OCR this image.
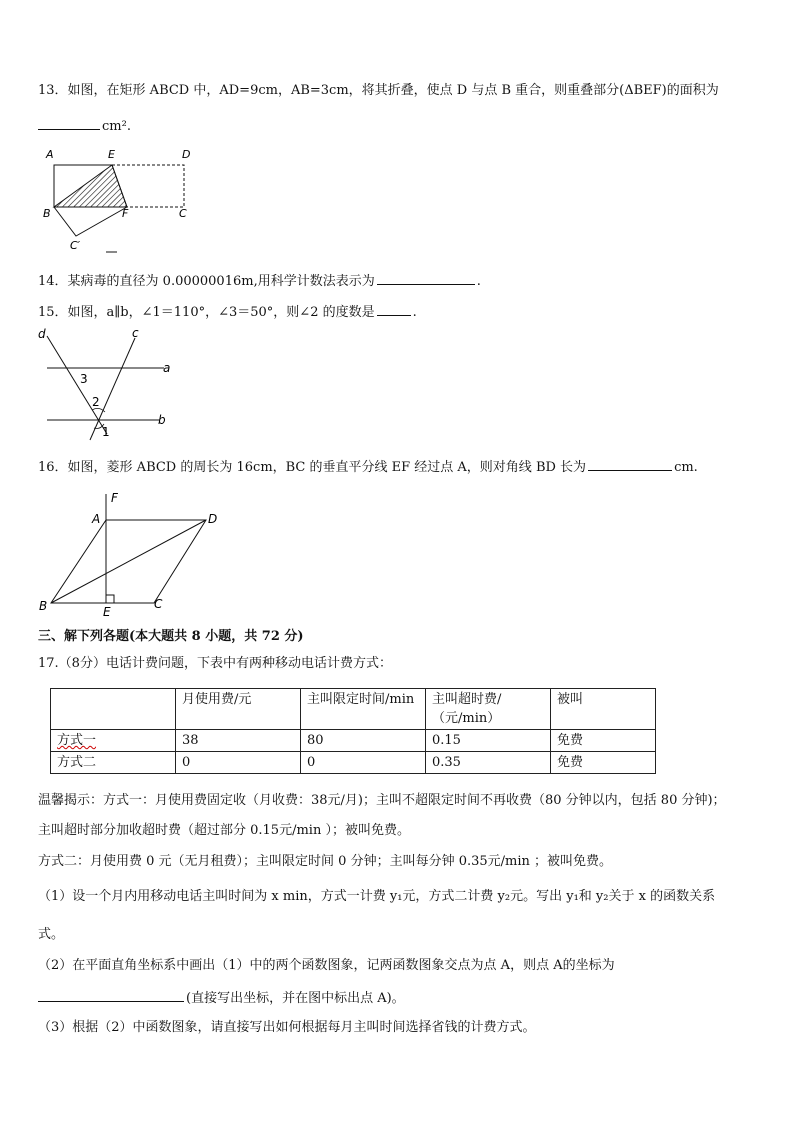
13．如图，在矩形 ABCD 中，AD=9cm，AB=3cm，将其折叠，使点 D 与点 B 重合，则重叠部分(ΔBEF)的面积为
cm².
A	E	D
B	F	C
C′
14．某病毒的直径为 0.00000016m,用科学计数法表示为	.
15．如图，a∥b，∠1＝110°，∠3＝50°，则∠2 的度数是	.
d	c
a
b
3
2
1
16．如图，菱形 ABCD 的周长为 16cm，BC 的垂直平分线 EF 经过点 A，则对角线 BD 长为	cm.
F
A	D
B	E
C
三、解下列各题(本大题共 8 小题，共 72 分)
17.（8分）电话计费问题，下表中有两种移动电话计费方式：
	月使用费/元	主叫限定时间/min	主叫超时费/（元/min）	被叫
方式一	38	80	0.15	免费
方式二	0	0	0.35	免费
温馨揭示：方式一：月使用费固定收（月收费：38元/月)；主叫不超限定时间不再收费（80 分钟以内，包括 80 分钟)；
主叫超时部分加收超时费（超过部分 0.15元/min ）；被叫免费。
方式二：月使用费 0 元（无月租费）；主叫限定时间 0 分钟；主叫每分钟 0.35元/min ；被叫免费。
（1）设一个月内用移动电话主叫时间为 x min，方式一计费 y₁元，方式二计费 y₂元。写出 y₁和 y₂关于 x 的函数关系
式。
（2）在平面直角坐标系中画出（1）中的两个函数图象，记两函数图象交点为点 A，则点 A的坐标为
(直接写出坐标，并在图中标出点 A)。
（3）根据（2）中函数图象，请直接写出如何根据每月主叫时间选择省钱的计费方式。
